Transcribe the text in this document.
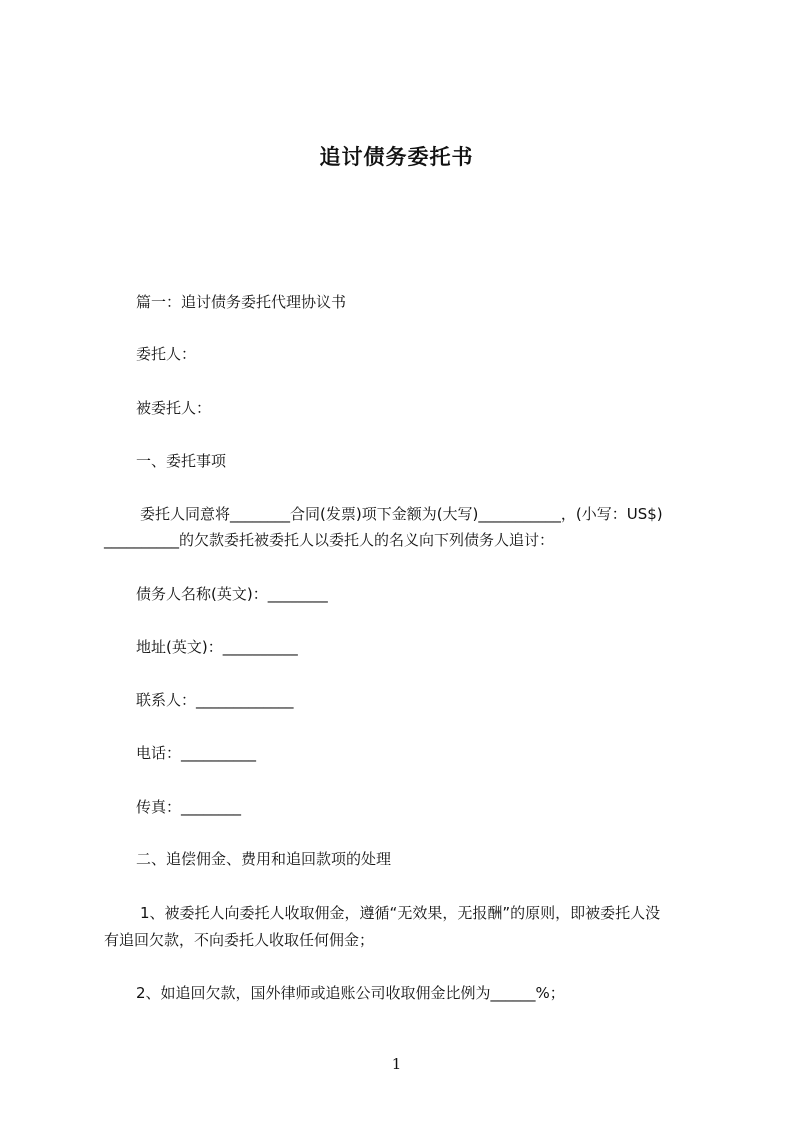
追讨债务委托书
篇一：追讨债务委托代理协议书
委托人：
被委托人：
一、委托事项
委托人同意将________合同(发票)项下金额为(大写)___________，(小写：US$)
__________的欠款委托被委托人以委托人的名义向下列债务人追讨：
债务人名称(英文)：________
地址(英文)：__________
联系人：_____________
电话：__________
传真：________
二、追偿佣金、费用和追回款项的处理
1、被委托人向委托人收取佣金，遵循“无效果，无报酬”的原则，即被委托人没
有追回欠款，不向委托人收取任何佣金；
2、如追回欠款，国外律师或追账公司收取佣金比例为______%；
1
